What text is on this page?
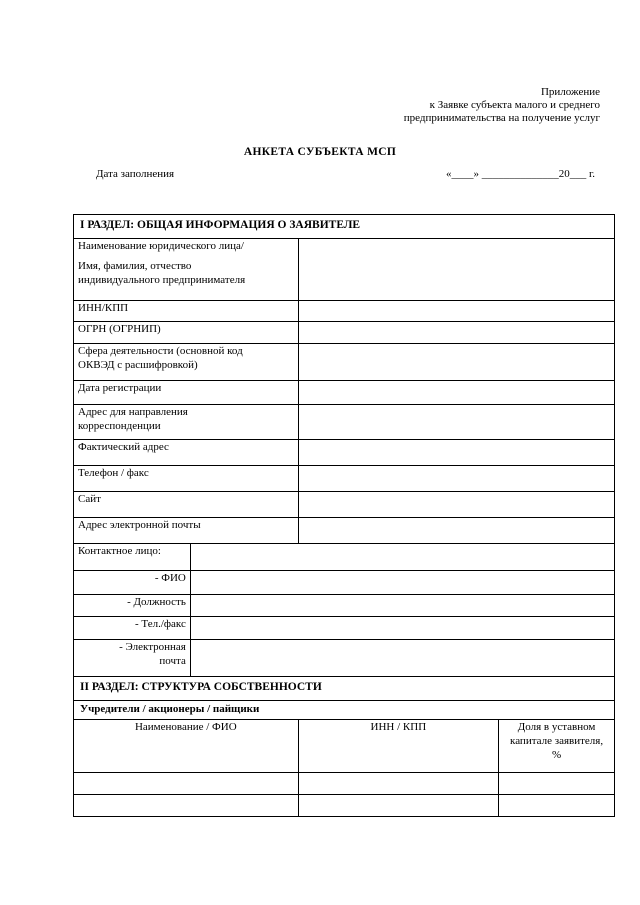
Приложение
к Заявке субъекта малого и среднего
предпринимательства на получение услуг
АНКЕТА СУБЪЕКТА МСП
Дата заполнения	«____» ______________20___ г.
I РАЗДЕЛ: ОБЩАЯ ИНФОРМАЦИЯ О ЗАЯВИТЕЛЕ			

Наименование юридического лица/

Имя, фамилия, отчество

индивидуального предпринимателя			

ИНН/КПП			
ОГРН (ОГРНИП)			

Сфера деятельности (основной код
ОКВЭД с расшифровкой)			

Дата регистрации			

Адрес для направления
корреспонденции			

Фактический адрес			
Телефон / факс			
Сайт			
Адрес электронной почты			
Контактное лицо:			
- ФИО			
- Должность			
- Тел./факс			

- Электронная
почта			

II РАЗДЕЛ: СТРУКТУРА СОБСТВЕННОСТИ			
Учредители / акционеры / пайщики			
Наименование / ФИО		ИНН / КПП	Доля в уставном
капитале заявителя,
%
